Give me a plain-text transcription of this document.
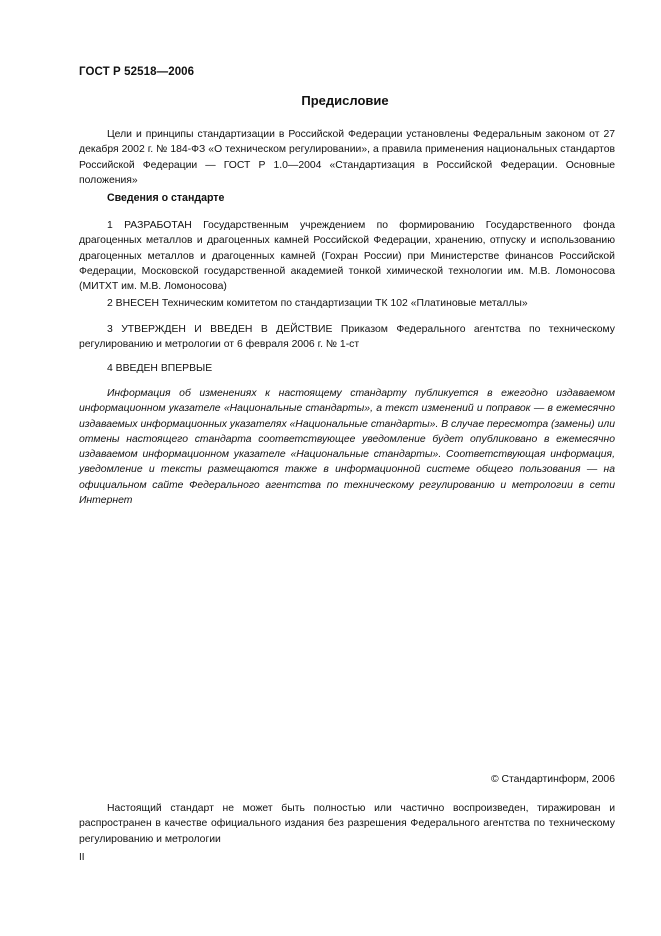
ГОСТ Р 52518—2006
Предисловие

Цели и принципы стандартизации в Российской Федерации установлены Федеральным законом от 27 декабря 2002 г. № 184-ФЗ «О техническом регулировании», а правила применения национальных стандартов Российской Федерации — ГОСТ Р 1.0—2004 «Стандартизация в Российской Федерации. Основные положения»

Сведения о стандарте

1 РАЗРАБОТАН Государственным учреждением по формированию Государственного фонда драгоценных металлов и драгоценных камней Российской Федерации, хранению, отпуску и использованию драгоценных металлов и драгоценных камней (Гохран России) при Министерстве финансов Российской Федерации, Московской государственной академией тонкой химической технологии им. М.В. Ломоносова (МИТХТ им. М.В. Ломоносова)

2 ВНЕСЕН Техническим комитетом по стандартизации ТК 102 «Платиновые металлы»

3 УТВЕРЖДЕН И ВВЕДЕН В ДЕЙСТВИЕ Приказом Федерального агентства по техническому регулированию и метрологии от 6 февраля 2006 г. № 1-ст

4 ВВЕДЕН ВПЕРВЫЕ

Информация об изменениях к настоящему стандарту публикуется в ежегодно издаваемом информационном указателе «Национальные стандарты», а текст изменений и поправок — в ежемесячно издаваемых информационных указателях «Национальные стандарты». В случае пересмотра (замены) или отмены настоящего стандарта соответствующее уведомление будет опубликовано в ежемесячно издаваемом информационном указателе «Национальные стандарты». Соответствующая информация, уведомление и тексты размещаются также в информационной системе общего пользования — на официальном сайте Федерального агентства по техническому регулированию и метрологии в сети Интернет

© Стандартинформ, 2006

Настоящий стандарт не может быть полностью или частично воспроизведен, тиражирован и распространен в качестве официального издания без разрешения Федерального агентства по техническому регулированию и метрологии

II
